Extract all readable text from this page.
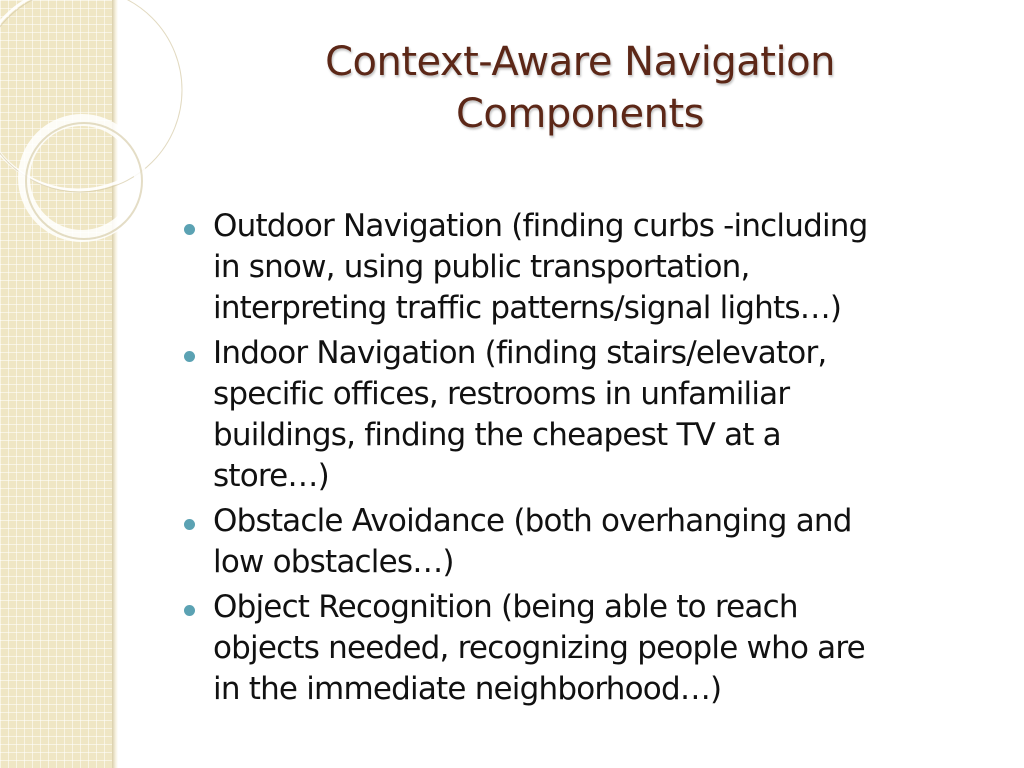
Context-Aware Navigation
Components
Outdoor Navigation (finding curbs -including
in snow, using public transportation,
interpreting traffic patterns/signal lights…)
Indoor Navigation (finding stairs/elevator,
specific offices, restrooms in unfamiliar
buildings, finding the cheapest TV at a
store…)
Obstacle Avoidance (both overhanging and
low obstacles…)
Object Recognition (being able to reach
objects needed, recognizing people who are
in the immediate neighborhood…)
